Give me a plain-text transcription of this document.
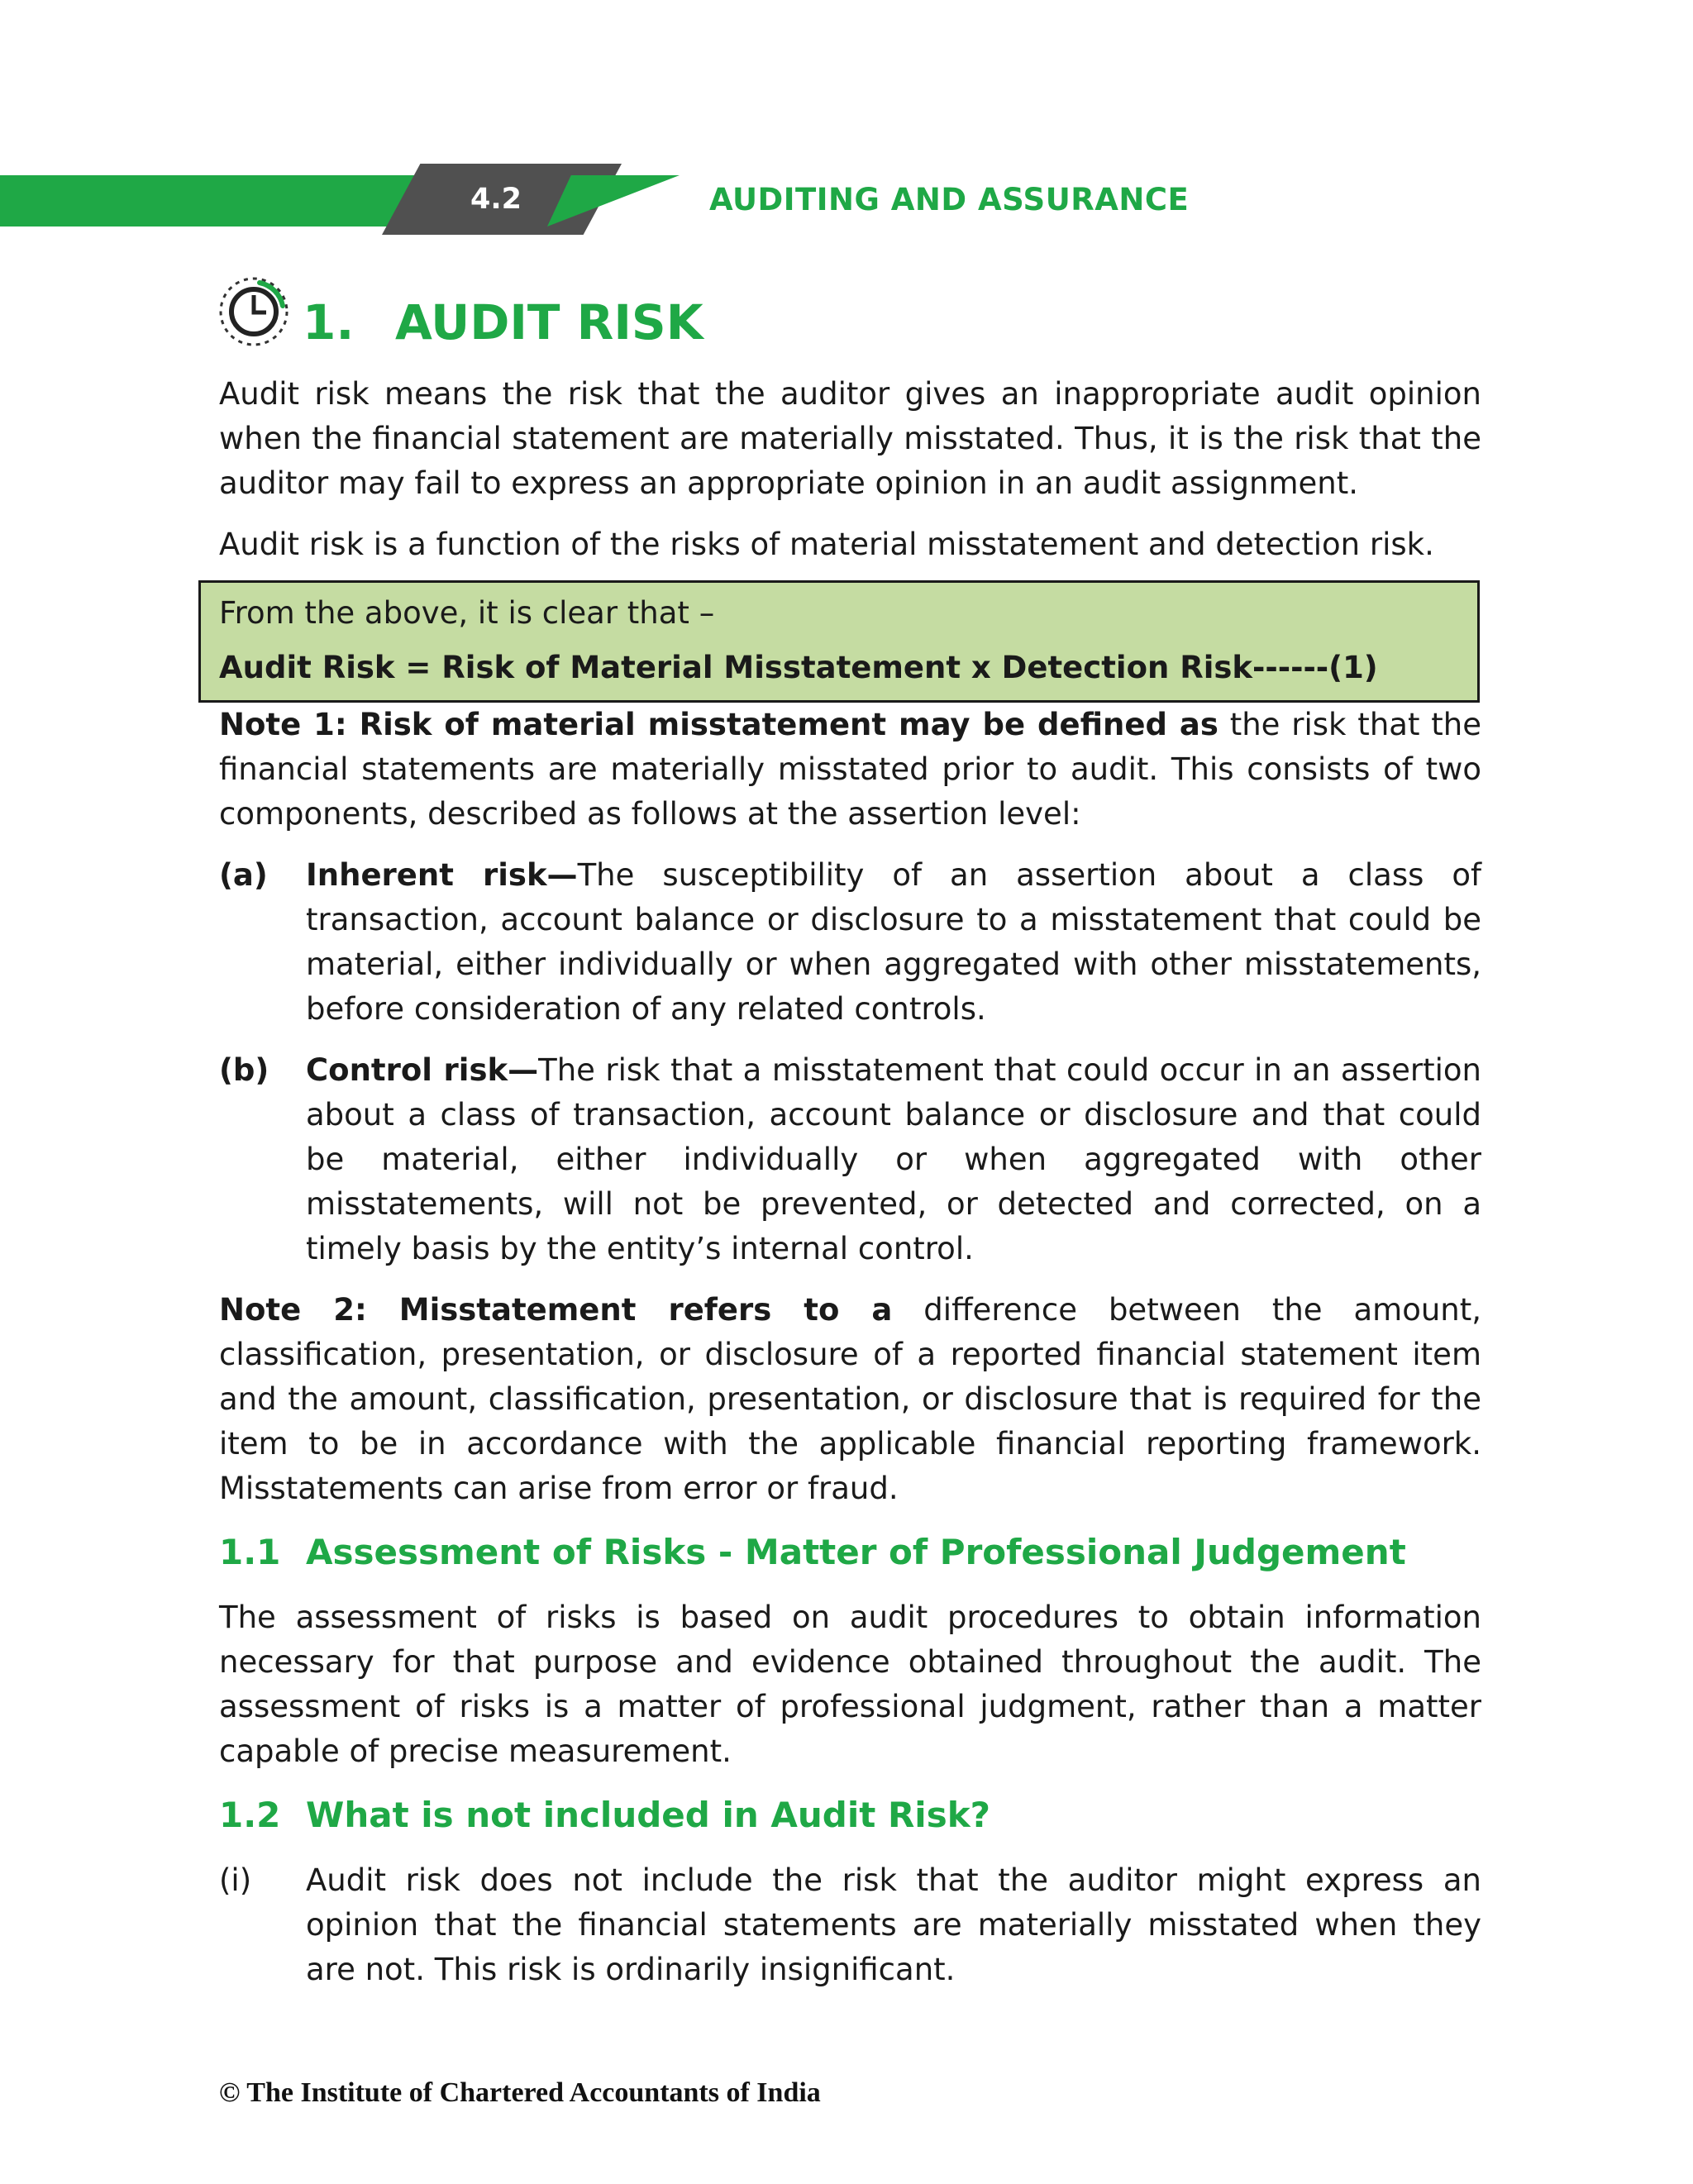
4.2	AUDITING AND ASSURANCE
1. AUDIT RISK

Audit risk means the risk that the auditor gives an inappropriate audit opinion when the financial statement are materially misstated. Thus, it is the risk that the auditor may fail to express an appropriate opinion in an audit assignment.

Audit risk is a function of the risks of material misstatement and detection risk.

From the above, it is clear that –

Audit Risk = Risk of Material Misstatement x Detection Risk------(1)

Note 1: Risk of material misstatement may be defined as the risk that the financial statements are materially misstated prior to audit. This consists of two components, described as follows at the assertion level:

(a)	Inherent risk—The susceptibility of an assertion about a class of transaction, account balance or disclosure to a misstatement that could be material, either individually or when aggregated with other misstatements, before consideration of any related controls.

(b)	Control risk—The risk that a misstatement that could occur in an assertion about a class of transaction, account balance or disclosure and that could be material, either individually or when aggregated with other misstatements, will not be prevented, or detected and corrected, on a timely basis by the entity’s internal control.

Note 2: Misstatement refers to a difference between the amount, classification, presentation, or disclosure of a reported financial statement item and the amount, classification, presentation, or disclosure that is required for the item to be in accordance with the applicable financial reporting framework. Misstatements can arise from error or fraud.

1.1 Assessment of Risks - Matter of Professional Judgement

The assessment of risks is based on audit procedures to obtain information necessary for that purpose and evidence obtained throughout the audit. The assessment of risks is a matter of professional judgment, rather than a matter capable of precise measurement.

1.2 What is not included in Audit Risk?
(i)	Audit risk does not include the risk that the auditor might express an opinion that the financial statements are materially misstated when they are not. This risk is ordinarily insignificant.

© The Institute of Chartered Accountants of India
